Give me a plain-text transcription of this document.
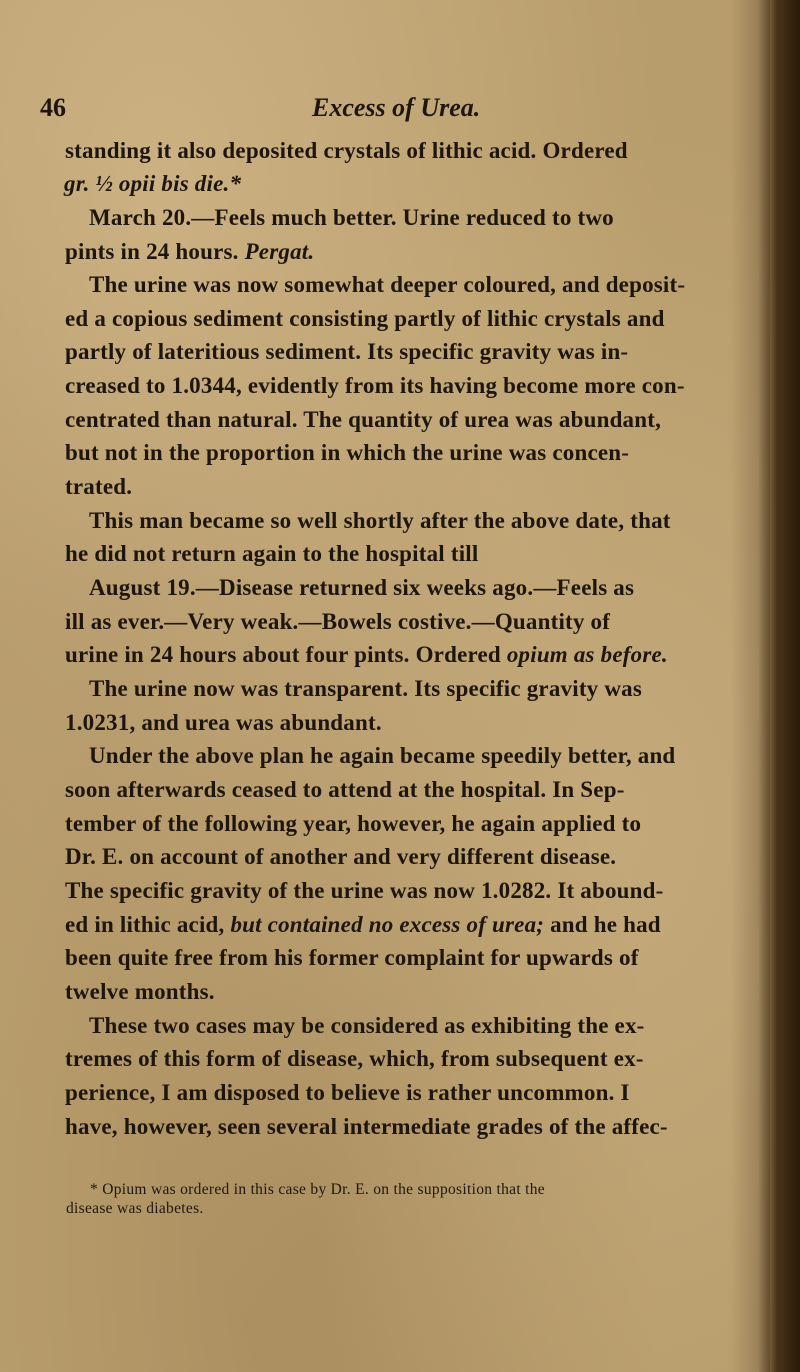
46	Excess of Urea.
standing it also deposited crystals of lithic acid. Ordered
gr. ½ opii bis die.*
March 20.—Feels much better. Urine reduced to two
pints in 24 hours. Pergat.
The urine was now somewhat deeper coloured, and deposit-
ed a copious sediment consisting partly of lithic crystals and
partly of lateritious sediment. Its specific gravity was in-
creased to 1.0344, evidently from its having become more con-
centrated than natural. The quantity of urea was abundant,
but not in the proportion in which the urine was concen-
trated.
This man became so well shortly after the above date, that
he did not return again to the hospital till
August 19.—Disease returned six weeks ago.—Feels as
ill as ever.—Very weak.—Bowels costive.—Quantity of
urine in 24 hours about four pints. Ordered opium as before.
The urine now was transparent. Its specific gravity was
1.0231, and urea was abundant.
Under the above plan he again became speedily better, and
soon afterwards ceased to attend at the hospital. In Sep-
tember of the following year, however, he again applied to
Dr. E. on account of another and very different disease.
The specific gravity of the urine was now 1.0282. It abound-
ed in lithic acid, but contained no excess of urea; and he had
been quite free from his former complaint for upwards of
twelve months.
These two cases may be considered as exhibiting the ex-
tremes of this form of disease, which, from subsequent ex-
perience, I am disposed to believe is rather uncommon. I
have, however, seen several intermediate grades of the affec-
* Opium was ordered in this case by Dr. E. on the supposition that the
disease was diabetes.
